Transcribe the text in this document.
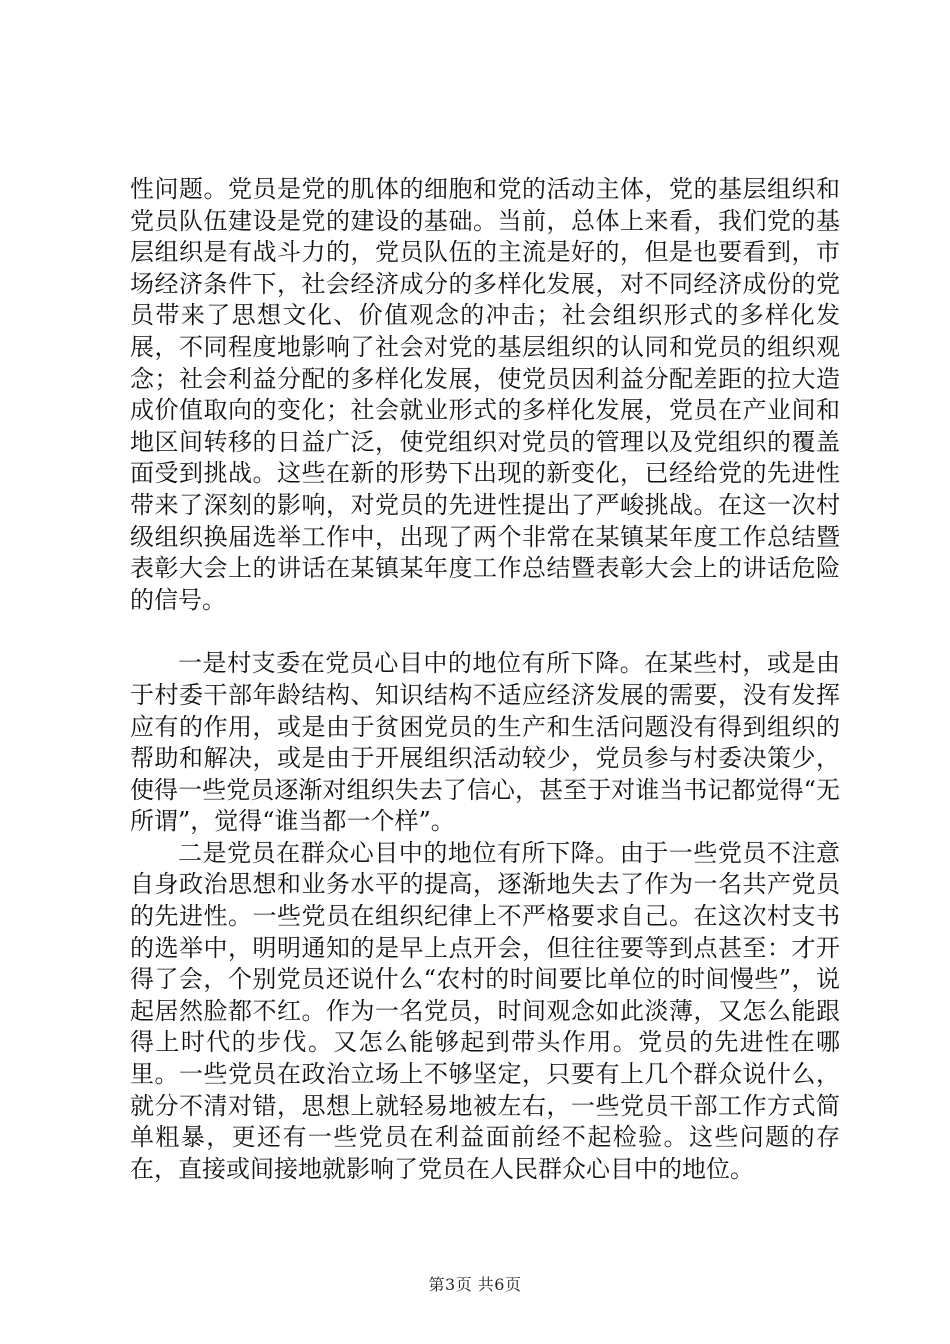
性问题。党员是党的肌体的细胞和党的活动主体，党的基层组织和党员队伍建设是党的建设的基础。当前，总体上来看，我们党的基层组织是有战斗力的，党员队伍的主流是好的，但是也要看到，市场经济条件下，社会经济成分的多样化发展，对不同经济成份的党员带来了思想文化、价值观念的冲击；社会组织形式的多样化发展，不同程度地影响了社会对党的基层组织的认同和党员的组织观念；社会利益分配的多样化发展，使党员因利益分配差距的拉大造成价值取向的变化；社会就业形式的多样化发展，党员在产业间和地区间转移的日益广泛，使党组织对党员的管理以及党组织的覆盖面受到挑战。这些在新的形势下出现的新变化，已经给党的先进性带来了深刻的影响，对党员的先进性提出了严峻挑战。在这一次村级组织换届选举工作中，出现了两个非常在某镇某年度工作总结暨表彰大会上的讲话在某镇某年度工作总结暨表彰大会上的讲话危险的信号。

一是村支委在党员心目中的地位有所下降。在某些村，或是由于村委干部年龄结构、知识结构不适应经济发展的需要，没有发挥应有的作用，或是由于贫困党员的生产和生活问题没有得到组织的帮助和解决，或是由于开展组织活动较少，党员参与村委决策少，使得一些党员逐渐对组织失去了信心，甚至于对谁当书记都觉得“无所谓”，觉得“谁当都一个样”。

二是党员在群众心目中的地位有所下降。由于一些党员不注意自身政治思想和业务水平的提高，逐渐地失去了作为一名共产党员的先进性。一些党员在组织纪律上不严格要求自己。在这次村支书的选举中，明明通知的是早上点开会，但往往要等到点甚至：才开得了会，个别党员还说什么“农村的时间要比单位的时间慢些”，说起居然脸都不红。作为一名党员，时间观念如此淡薄，又怎么能跟得上时代的步伐。又怎么能够起到带头作用。党员的先进性在哪里。一些党员在政治立场上不够坚定，只要有上几个群众说什么，就分不清对错，思想上就轻易地被左右，一些党员干部工作方式简单粗暴，更还有一些党员在利益面前经不起检验。这些问题的存在，直接或间接地就影响了党员在人民群众心目中的地位。

第3页 共6页
